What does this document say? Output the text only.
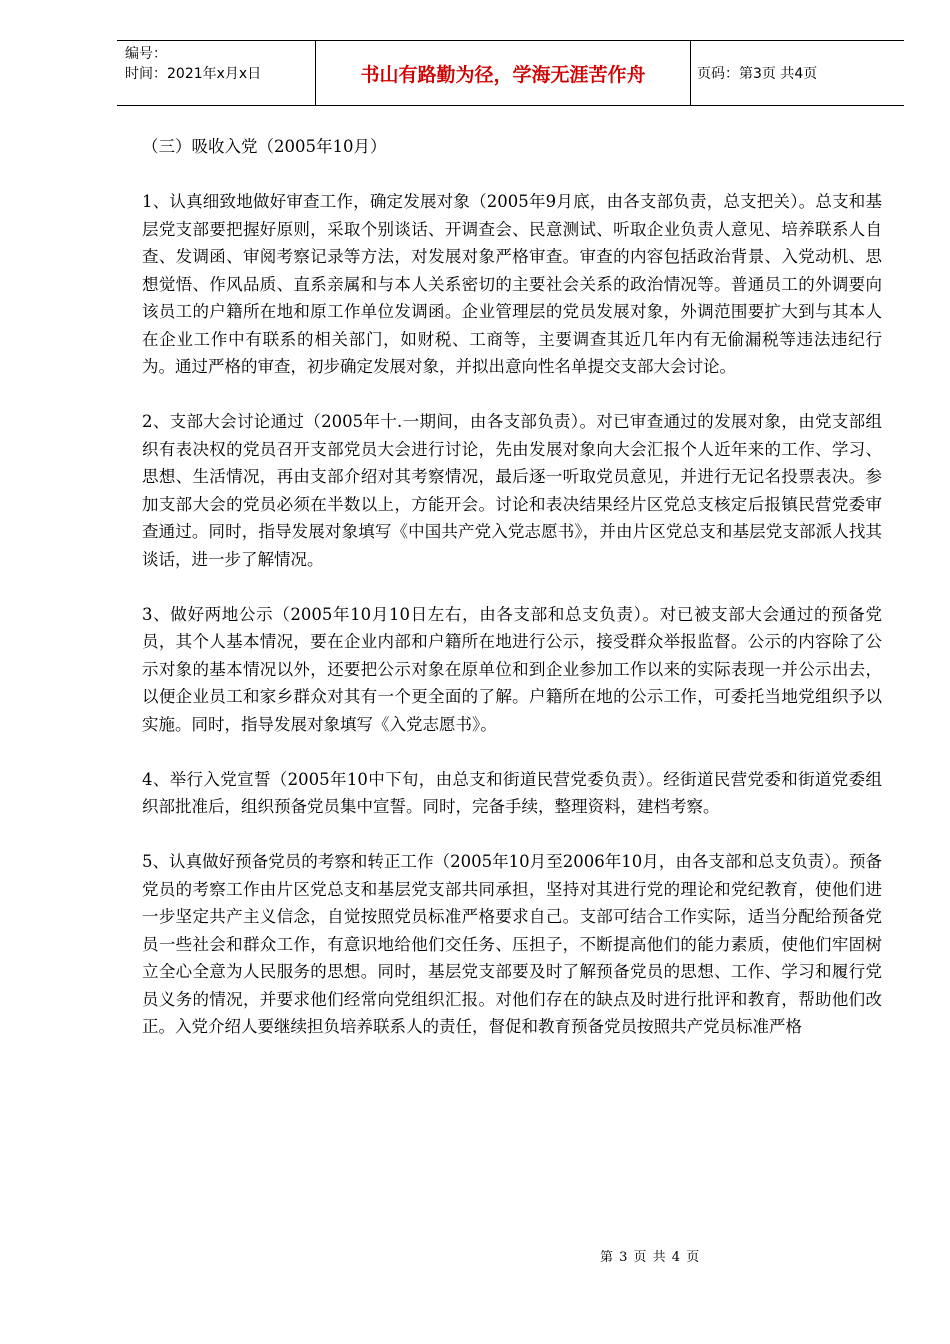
编号：
时间：2021年x月x日	书山有路勤为径，学海无涯苦作舟	页码：第3页 共4页

（三）吸收入党（2005年10月）

1、认真细致地做好审查工作，确定发展对象（2005年9月底，由各支部负责，总支把关）。总支和基层党支部要把握好原则，采取个别谈话、开调查会、民意测试、听取企业负责人意见、培养联系人自查、发调函、审阅考察记录等方法，对发展对象严格审查。审查的内容包括政治背景、入党动机、思想觉悟、作风品质、直系亲属和与本人关系密切的主要社会关系的政治情况等。普通员工的外调要向该员工的户籍所在地和原工作单位发调函。企业管理层的党员发展对象，外调范围要扩大到与其本人在企业工作中有联系的相关部门，如财税、工商等，主要调查其近几年内有无偷漏税等违法违纪行为。通过严格的审查，初步确定发展对象，并拟出意向性名单提交支部大会讨论。

2、支部大会讨论通过（2005年十.一期间，由各支部负责）。对已审查通过的发展对象，由党支部组织有表决权的党员召开支部党员大会进行讨论，先由发展对象向大会汇报个人近年来的工作、学习、思想、生活情况，再由支部介绍对其考察情况，最后逐一听取党员意见，并进行无记名投票表决。参加支部大会的党员必须在半数以上，方能开会。讨论和表决结果经片区党总支核定后报镇民营党委审查通过。同时，指导发展对象填写《中国共产党入党志愿书》，并由片区党总支和基层党支部派人找其谈话，进一步了解情况。

3、做好两地公示（2005年10月10日左右，由各支部和总支负责）。对已被支部大会通过的预备党员，其个人基本情况，要在企业内部和户籍所在地进行公示，接受群众举报监督。公示的内容除了公示对象的基本情况以外，还要把公示对象在原单位和到企业参加工作以来的实际表现一并公示出去，以便企业员工和家乡群众对其有一个更全面的了解。户籍所在地的公示工作，可委托当地党组织予以实施。同时，指导发展对象填写《入党志愿书》。

4、举行入党宣誓（2005年10中下旬，由总支和街道民营党委负责）。经街道民营党委和街道党委组织部批准后，组织预备党员集中宣誓。同时，完备手续，整理资料，建档考察。

5、认真做好预备党员的考察和转正工作（2005年10月至2006年10月，由各支部和总支负责）。预备党员的考察工作由片区党总支和基层党支部共同承担，坚持对其进行党的理论和党纪教育，使他们进一步坚定共产主义信念，自觉按照党员标准严格要求自己。支部可结合工作实际，适当分配给预备党员一些社会和群众工作，有意识地给他们交任务、压担子，不断提高他们的能力素质，使他们牢固树立全心全意为人民服务的思想。同时，基层党支部要及时了解预备党员的思想、工作、学习和履行党员义务的情况，并要求他们经常向党组织汇报。对他们存在的缺点及时进行批评和教育，帮助他们改正。入党介绍人要继续担负培养联系人的责任，督促和教育预备党员按照共产党员标准严格

第 3 页 共 4 页
